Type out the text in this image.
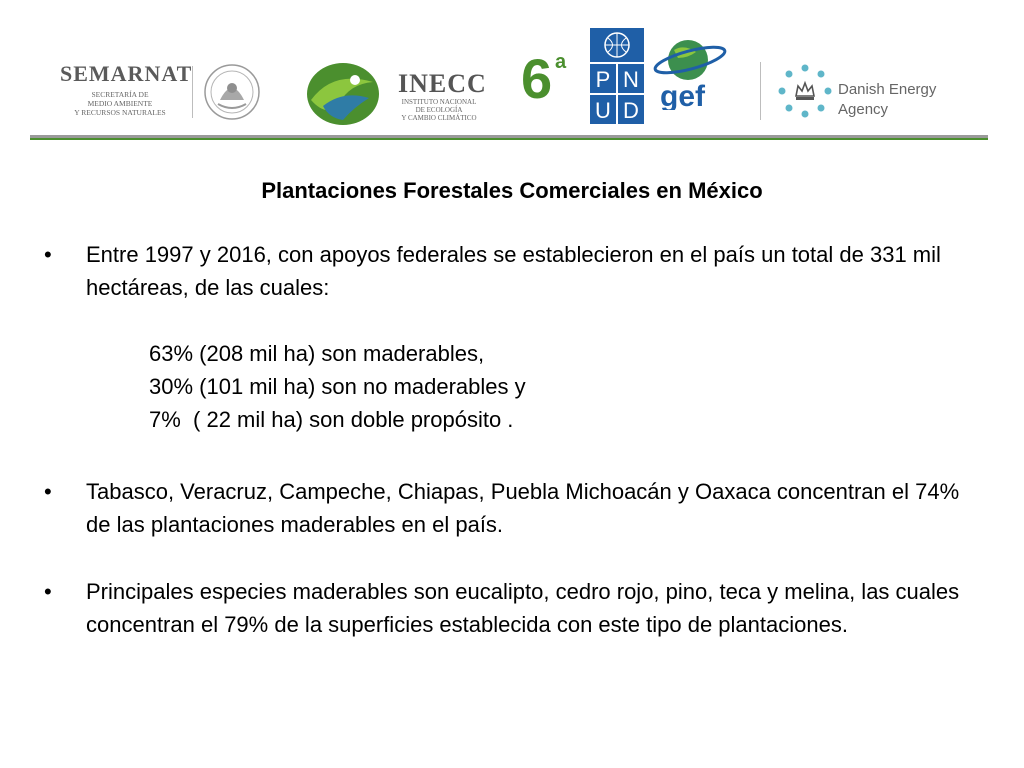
SEMARNAT
SECRETARÍA DE
MEDIO AMBIENTE
Y RECURSOS NATURALES
INECC
INSTITUTO NACIONAL
DE ECOLOGÍA
Y CAMBIO CLIMÁTICO
6 a
P N
U D gef	Danish Energy
Agency
Plantaciones Forestales Comerciales en México
•	Entre 1997 y 2016, con apoyos federales se establecieron en el país un total de 331 mil hectáreas, de las cuales:
63% (208 mil ha) son maderables,
30% (101 mil ha) son no maderables y
7%  ( 22 mil ha) son doble propósito .
•	Tabasco, Veracruz, Campeche, Chiapas, Puebla Michoacán y Oaxaca concentran el 74% de las plantaciones maderables en el país.
•	Principales especies maderables son eucalipto, cedro rojo, pino, teca y melina, las cuales concentran el 79% de la superficies establecida con este tipo de plantaciones.
